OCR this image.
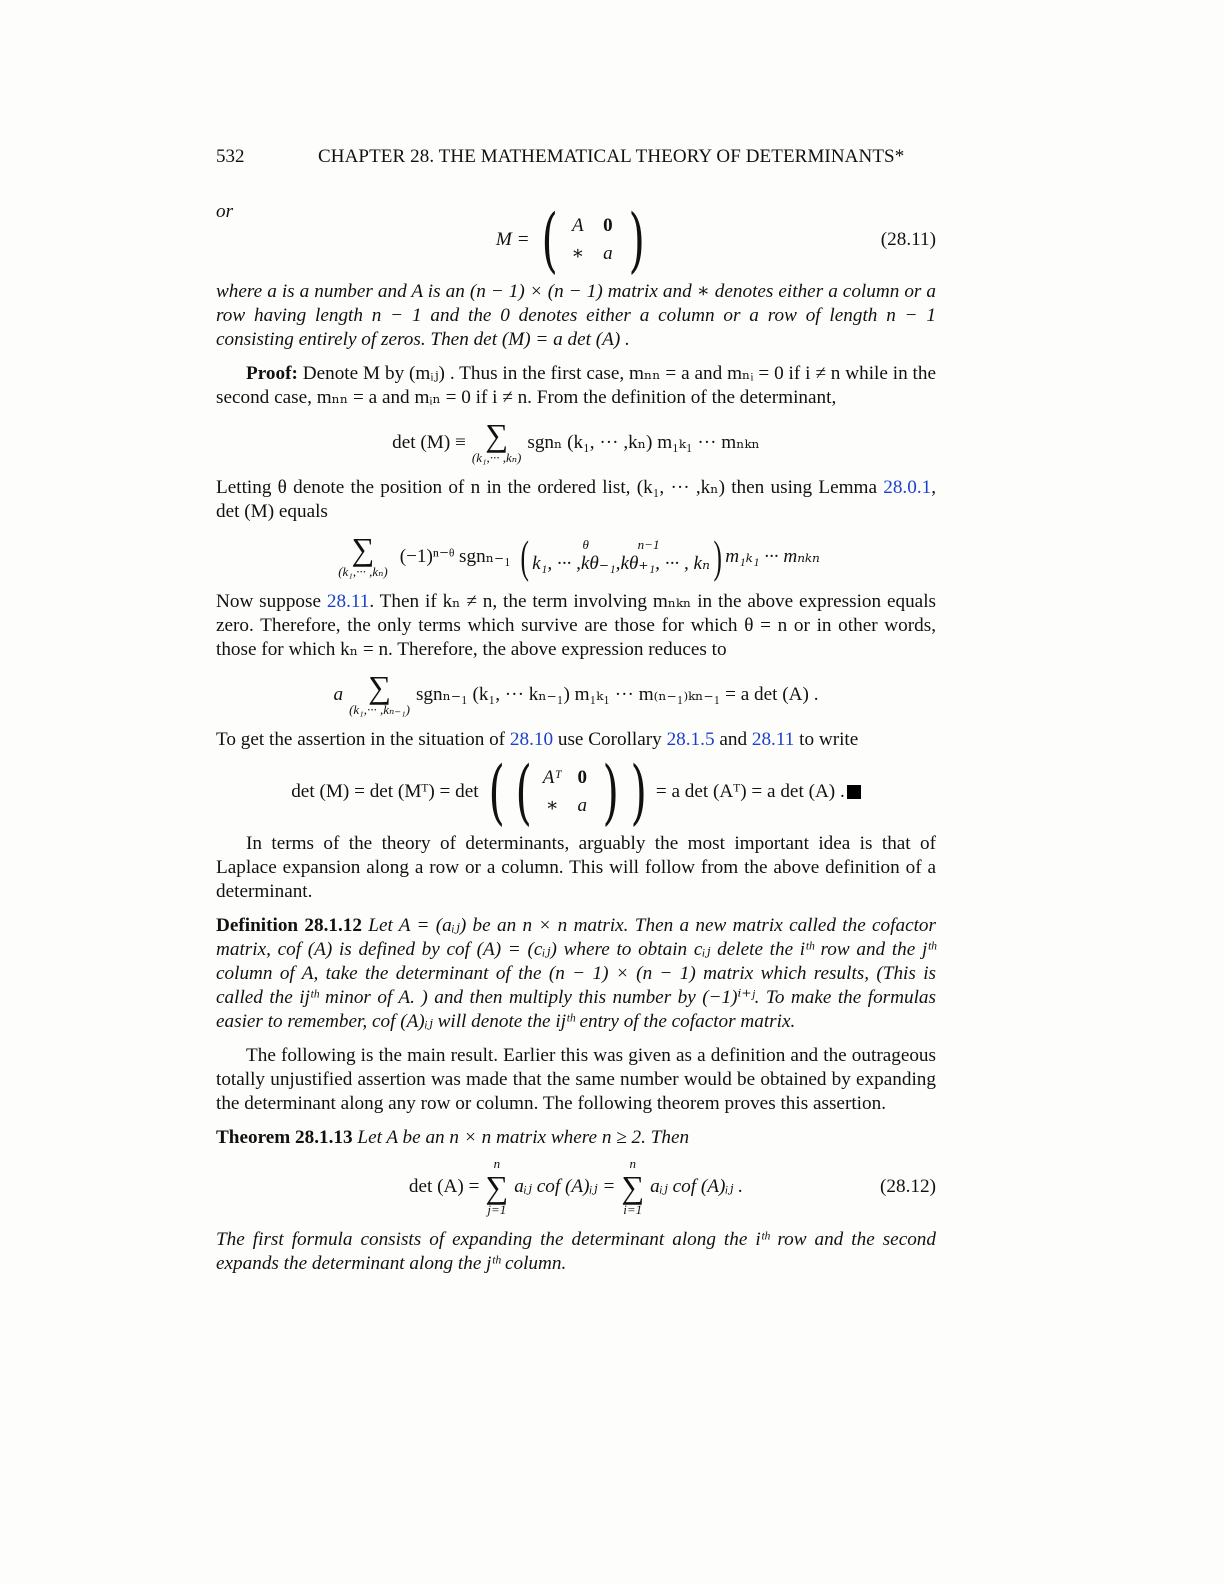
532	CHAPTER 28. THE MATHEMATICAL THEORY OF DETERMINANTS*

or

M = ( A	0
∗ a )	(28.11)

where a is a number and A is an (n − 1) × (n − 1) matrix and ∗ denotes either a column or a row having length n − 1 and the 0 denotes either a column or a row of length n − 1 consisting entirely of zeros. Then det (M) = a det (A) .

Proof: Denote M by (mᵢⱼ) . Thus in the first case, mₙₙ = a and mₙᵢ = 0 if i ≠ n while in the second case, mₙₙ = a and mᵢₙ = 0 if i ≠ n. From the definition of the determinant,

det (M) ≡ ∑
(k₁,··· ,kₙ)
sgnₙ (k₁, ··· ,kₙ) m₁ₖ₁ ··· mₙₖₙ

Letting θ denote the position of n in the ordered list, (k₁, ··· ,kₙ) then using Lemma 28.0.1, det (M) equals

∑
(k₁,··· ,kₙ)
(−1)ⁿ⁻ᶿ sgnₙ₋₁ (	θ	n−1
k₁, ··· ,kθ₋₁,kθ₊₁, ··· , kₙ ) m₁ₖ₁ ··· mₙₖₙ

Now suppose 28.11. Then if kₙ ≠ n, the term involving mₙₖₙ in the above expression equals zero. Therefore, the only terms which survive are those for which θ = n or in other words, those for which kₙ = n. Therefore, the above expression reduces to

a ∑
(k₁,··· ,kₙ₋₁)
sgnₙ₋₁ (k₁, ··· kₙ₋₁) m₁ₖ₁ ··· m₍ₙ₋₁₎ₖₙ₋₁ = a det (A) .

To get the assertion in the situation of 28.10 use Corollary 28.1.5 and 28.11 to write

det (M) = det (Mᵀ) = det ( ( Aᵀ 0
∗ a ) ) = a det (Aᵀ) = a det (A) .

In terms of the theory of determinants, arguably the most important idea is that of Laplace expansion along a row or a column. This will follow from the above definition of a determinant.

Definition 28.1.12 Let A = (aᵢⱼ) be an n × n matrix. Then a new matrix called the cofactor matrix, cof (A) is defined by cof (A) = (cᵢⱼ) where to obtain cᵢⱼ delete the iᵗʰ row and the jᵗʰ column of A, take the determinant of the (n − 1) × (n − 1) matrix which results, (This is called the ijᵗʰ minor of A. ) and then multiply this number by (−1)ⁱ⁺ʲ. To make the formulas easier to remember, cof (A)ᵢⱼ will denote the ijᵗʰ entry of the cofactor matrix.

The following is the main result. Earlier this was given as a definition and the outrageous totally unjustified assertion was made that the same number would be obtained by expanding the determinant along any row or column. The following theorem proves this assertion.

Theorem 28.1.13 Let A be an n × n matrix where n ≥ 2. Then

det (A) =
n
∑
j=1
aᵢⱼ cof (A)ᵢⱼ =
n
∑
i=1
aᵢⱼ cof (A)ᵢⱼ .	(28.12)

The first formula consists of expanding the determinant along the iᵗʰ row and the second expands the determinant along the jᵗʰ column.
